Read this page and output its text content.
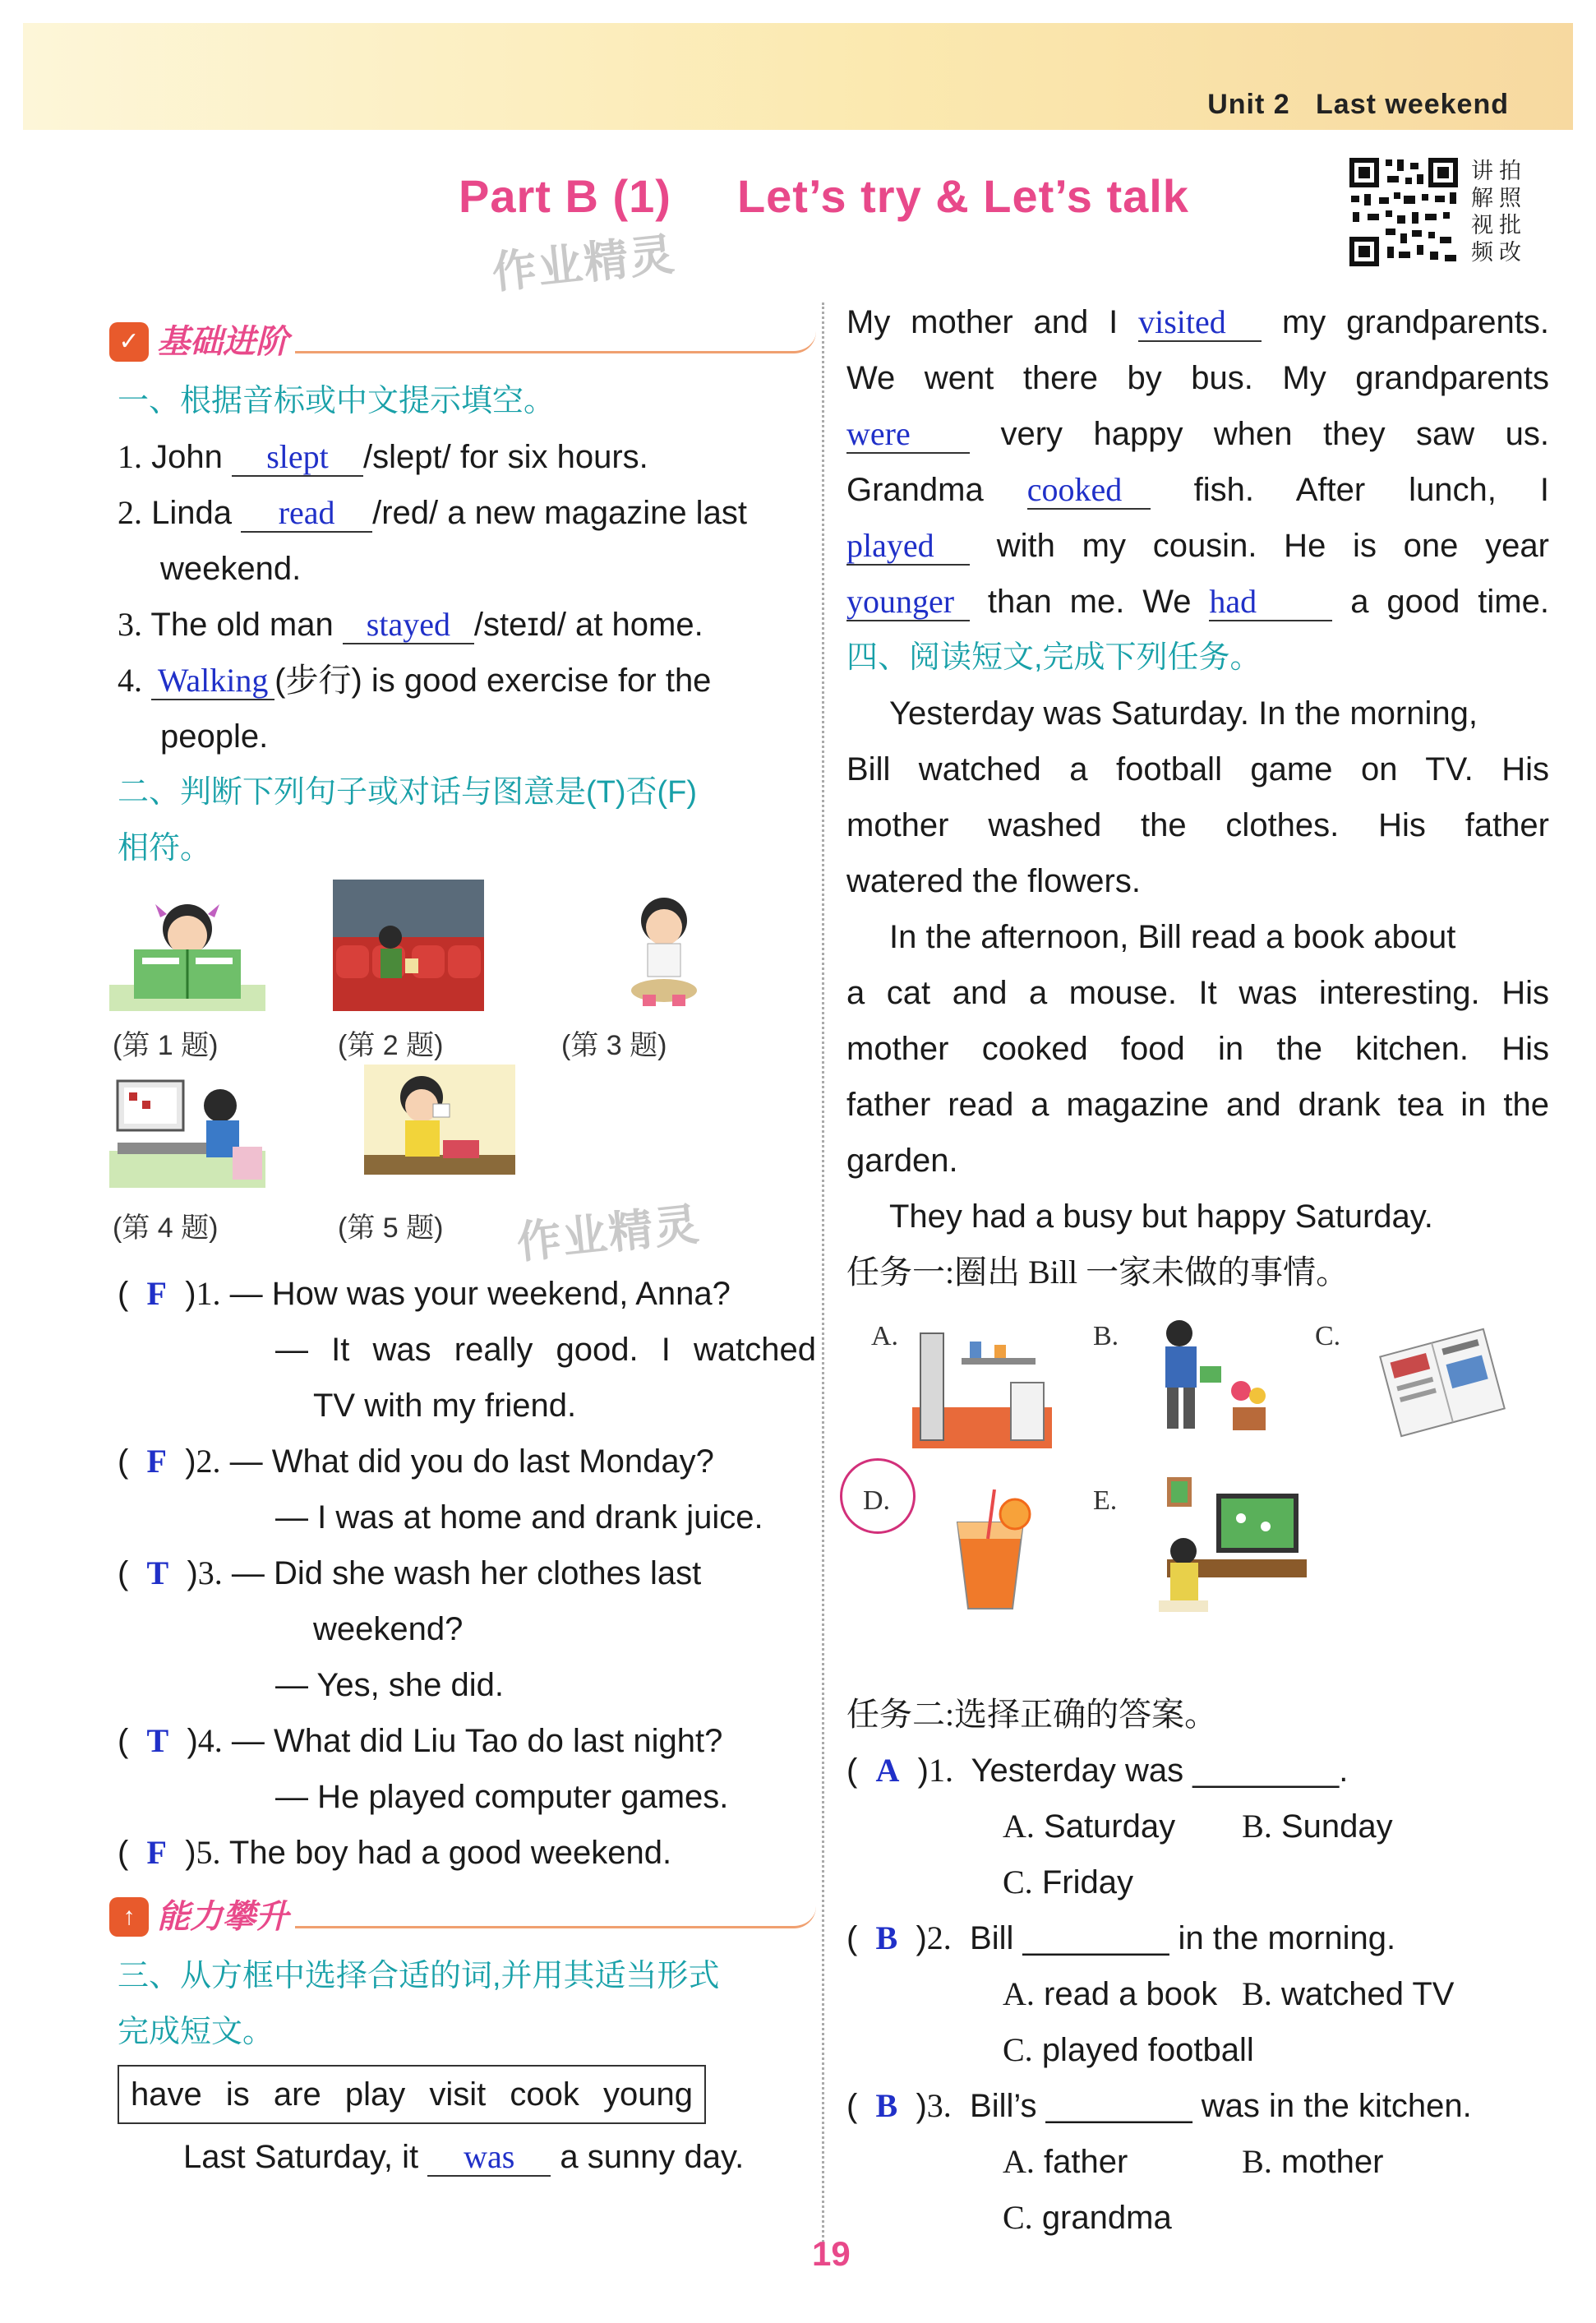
Unit 2 Last weekend
Part B (1) Let’s try & Let’s talk	讲 拍
解 照
视 批
频 改
作业精灵
作业精灵
✓ 基础进阶
一、根据音标或中文提示填空。
1. John slept /slept/ for six hours.
2. Linda read /red/ a new magazine last
weekend.
3. The old man stayed /steɪd/ at home.
4. Walking (步行) is good exercise for the
people.
二、判断下列句子或对话与图意是(T)否(F)
相符。
(第 1 题)	(第 2 题)	(第 3 题)
(第 4 题)	(第 5 题)
(  F  )1. — How was your weekend, Anna?
— It was really good. I watched
TV with my friend.
(  F  )2. — What did you do last Monday?
— I was at home and drank juice.
(  T  )3. — Did she wash her clothes last
weekend?
— Yes, she did.
(  T  )4. — What did Liu Tao do last night?
— He played computer games.
(  F  )5. The boy had a good weekend.
↑ 能力攀升
三、从方框中选择合适的词,并用其适当形式
完成短文。
have is are play visit cook young
Last Saturday, it was a sunny day.
My mother and I visited my grandparents.
We went there by bus. My grandparents
were	very happy when they saw us.
Grandma cooked fish. After lunch, I
played with my cousin. He is one year
younger than me. We had	a good time.
四、阅读短文,完成下列任务。
Yesterday was Saturday. In the morning,
Bill watched a football game on TV. His
mother washed the clothes. His father
watered the flowers.
In the afternoon, Bill read a book about
a cat and a mouse. It was interesting. His
mother cooked food in the kitchen. His
father read a magazine and drank tea in the
garden.
They had a busy but happy Saturday.
任务一:圈出 Bill 一家未做的事情。
A.	B.	C.
D.	E.
任务二:选择正确的答案。
(  A  )1. Yesterday was ________.
A. Saturday B. Sunday
C. Friday
(  B  )2. Bill ________ in the morning.
A. read a book B. watched TV
C. played football
(  B  )3. Bill’s ________ was in the kitchen.
A. father	B. mother
C. grandma
19
